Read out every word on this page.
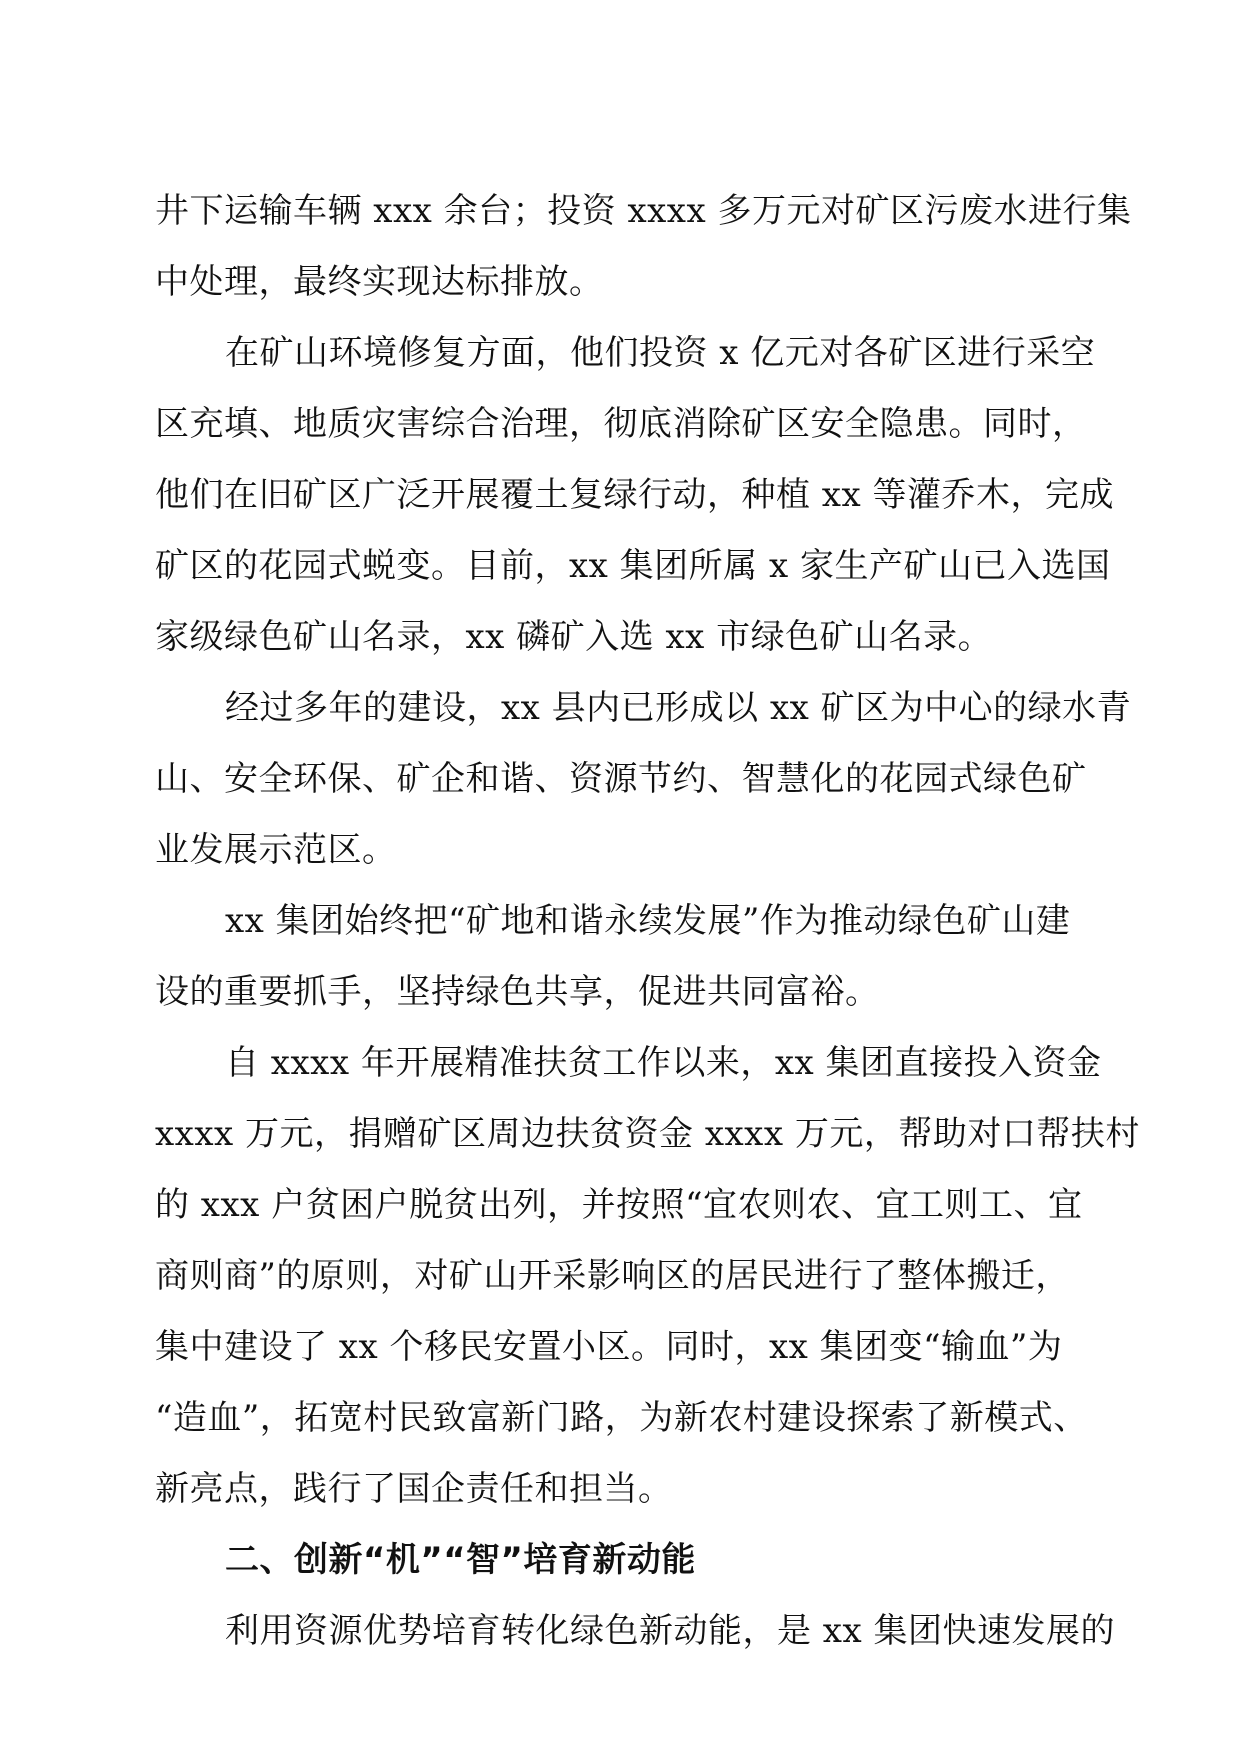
井下运输车辆 xxx 余台；投资 xxxx 多万元对矿区污废水进行集
中处理，最终实现达标排放。
在矿山环境修复方面，他们投资 x 亿元对各矿区进行采空
区充填、地质灾害综合治理，彻底消除矿区安全隐患。同时，
他们在旧矿区广泛开展覆土复绿行动，种植 xx 等灌乔木，完成
矿区的花园式蜕变。目前，xx 集团所属 x 家生产矿山已入选国
家级绿色矿山名录，xx 磷矿入选 xx 市绿色矿山名录。
经过多年的建设，xx 县内已形成以 xx 矿区为中心的绿水青
山、安全环保、矿企和谐、资源节约、智慧化的花园式绿色矿
业发展示范区。
xx 集团始终把“矿地和谐永续发展”作为推动绿色矿山建
设的重要抓手，坚持绿色共享，促进共同富裕。
自 xxxx 年开展精准扶贫工作以来，xx 集团直接投入资金
xxxx 万元，捐赠矿区周边扶贫资金 xxxx 万元，帮助对口帮扶村
的 xxx 户贫困户脱贫出列，并按照“宜农则农、宜工则工、宜
商则商”的原则，对矿山开采影响区的居民进行了整体搬迁，
集中建设了 xx 个移民安置小区。同时，xx 集团变“输血”为
“造血”，拓宽村民致富新门路，为新农村建设探索了新模式、
新亮点，践行了国企责任和担当。
二、创新“机”“智”培育新动能
利用资源优势培育转化绿色新动能，是 xx 集团快速发展的
